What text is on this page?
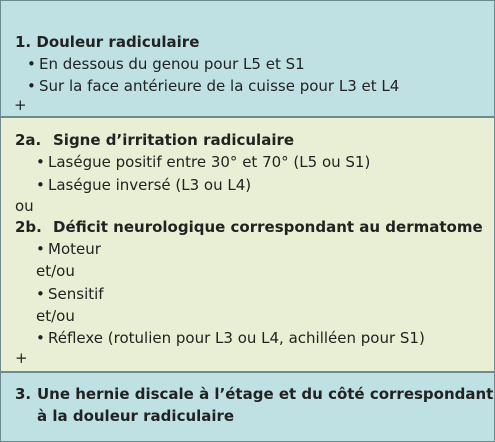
1. Douleur radiculaire
• En dessous du genou pour L5 et S1
• Sur la face antérieure de la cuisse pour L3 et L4
+
2a. Signe d’irritation radiculaire
• Laségue positif entre 30° et 70° (L5 ou S1)
• Laségue inversé (L3 ou L4)
ou
2b. Déficit neurologique correspondant au dermatome
• Moteur
et/ou
• Sensitif
et/ou
• Réflexe (rotulien pour L3 ou L4, achilléen pour S1)
+
3. Une hernie discale à l’étage et du côté correspondant
à la douleur radiculaire
